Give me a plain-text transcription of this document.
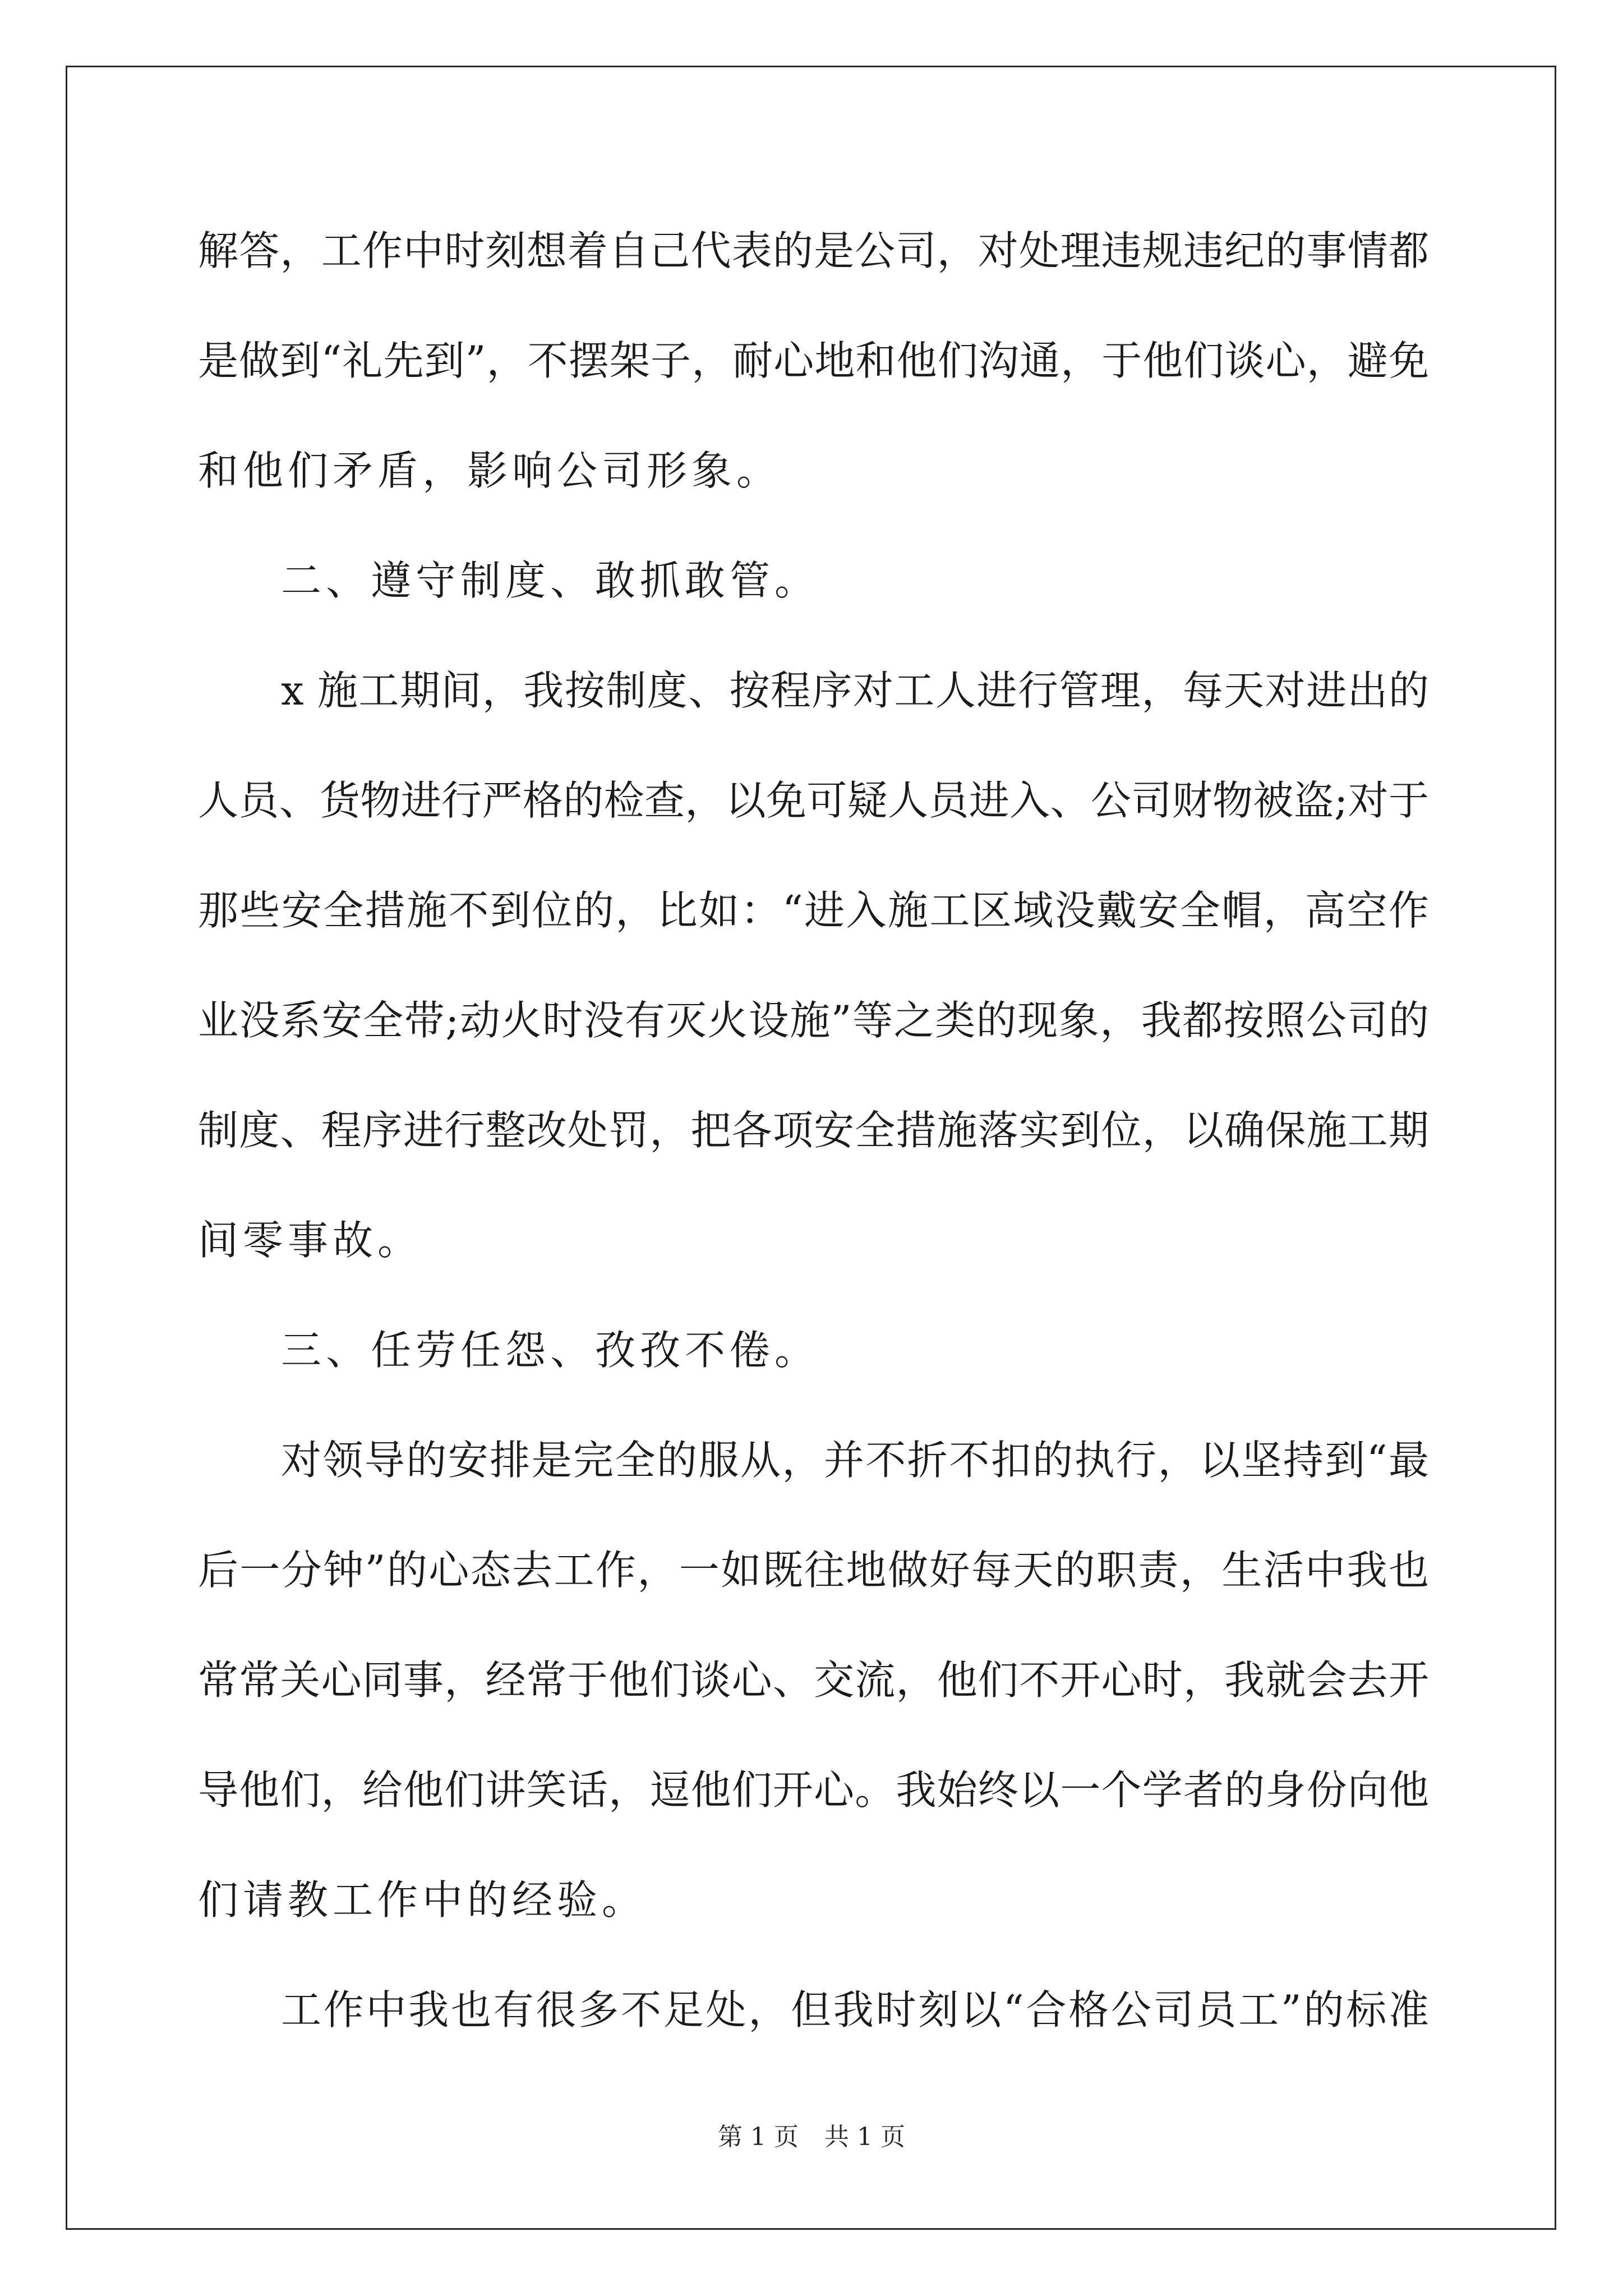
解答，工作中时刻想着自己代表的是公司，对处理违规违纪的事情都

是做到“礼先到”，不摆架子，耐心地和他们沟通，于他们谈心，避免

和他们矛盾，影响公司形象。

二、遵守制度、敢抓敢管。

x 施工期间，我按制度、按程序对工人进行管理，每天对进出的

人员、货物进行严格的检查，以免可疑人员进入、公司财物被盗;对于

那些安全措施不到位的，比如：“进入施工区域没戴安全帽，高空作

业没系安全带;动火时没有灭火设施”等之类的现象，我都按照公司的

制度、程序进行整改处罚，把各项安全措施落实到位，以确保施工期

间零事故。

三、任劳任怨、孜孜不倦。

对领导的安排是完全的服从，并不折不扣的执行，以坚持到“最

后一分钟”的心态去工作，一如既往地做好每天的职责，生活中我也

常常关心同事，经常于他们谈心、交流，他们不开心时，我就会去开

导他们，给他们讲笑话，逗他们开心。我始终以一个学者的身份向他

们请教工作中的经验。

工作中我也有很多不足处，但我时刻以“合格公司员工”的标准

第 1 页 共 1 页
